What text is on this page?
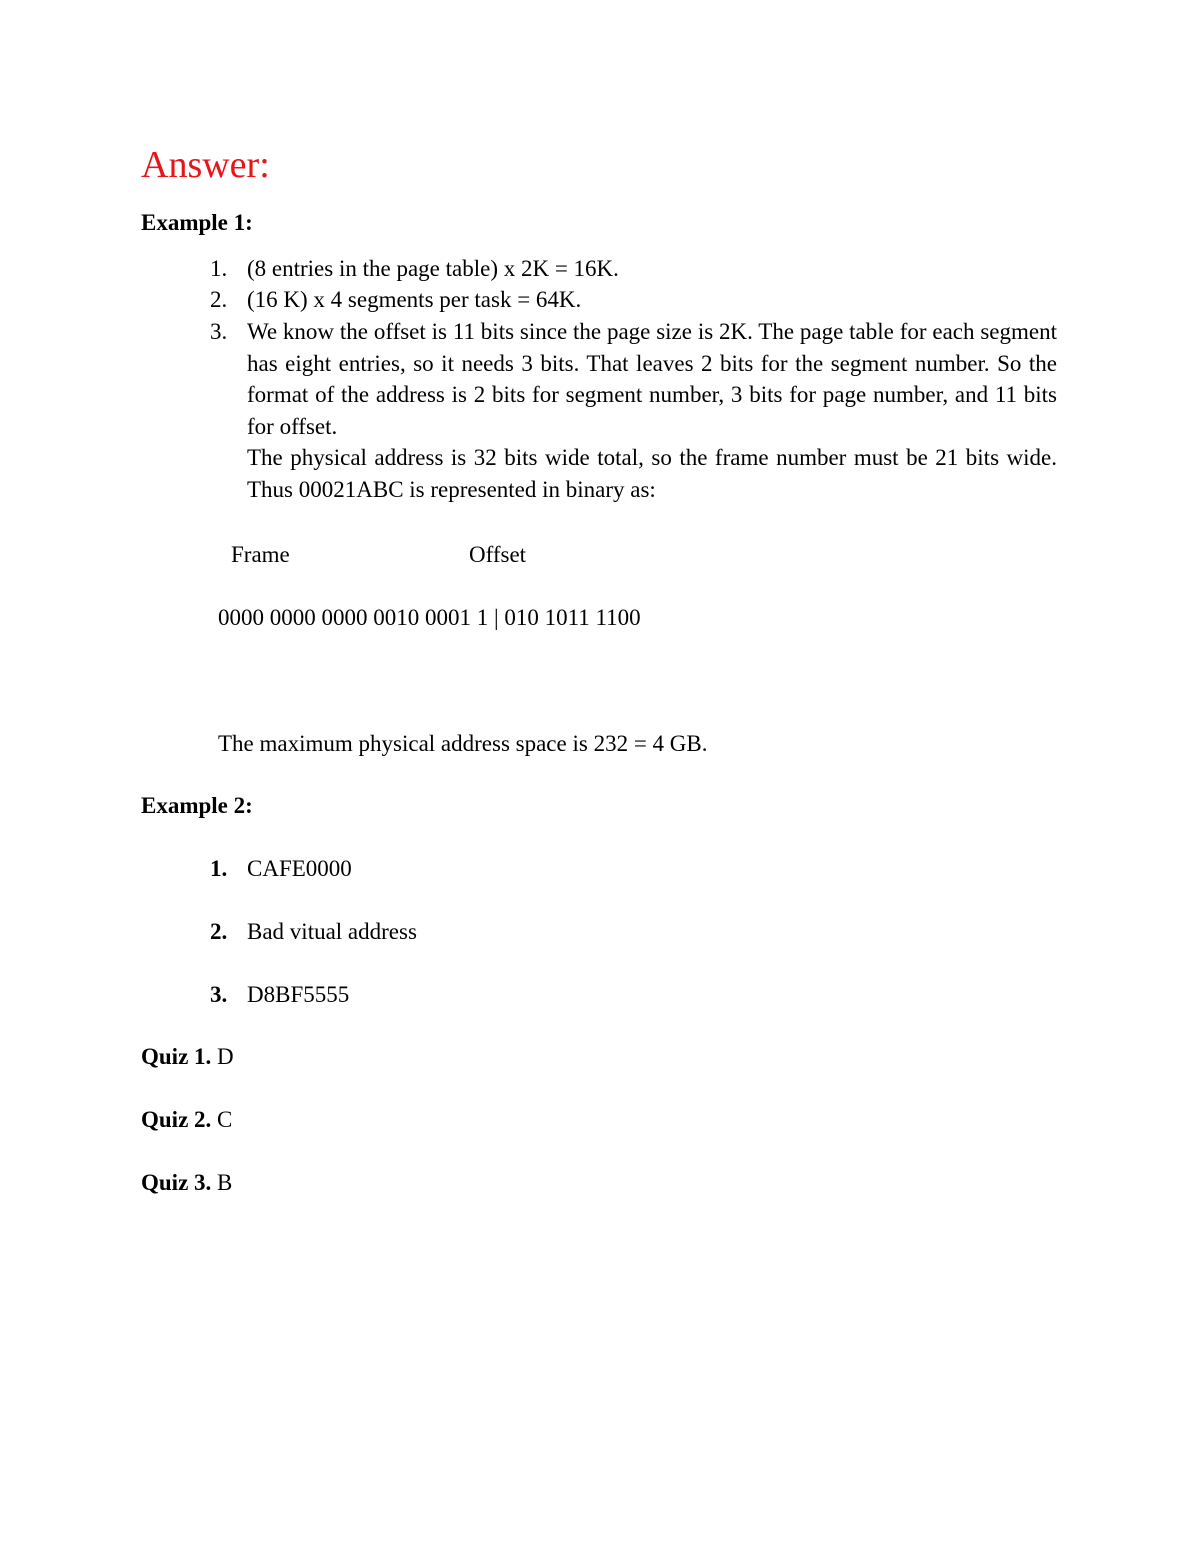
Answer:
Example 1:
1. (8 entries in the page table) x 2K = 16K.
2. (16 K) x 4 segments per task = 64K.
3. We know the offset is 11 bits since the page size is 2K. The page table for each segment has eight entries, so it needs 3 bits. That leaves 2 bits for the segment number. So the format of the address is 2 bits for segment number, 3 bits for page number, and 11 bits for offset.

The physical address is 32 bits wide total, so the frame number must be 21 bits wide. Thus 00021ABC is represented in binary as:

Frame	Offset
0000 0000 0000 0010 0001 1 | 010 1011 1100
The maximum physical address space is 232 = 4 GB.
Example 2:
1. CAFE0000
2. Bad vitual address
3. D8BF5555
Quiz 1. D
Quiz 2. C
Quiz 3. B
